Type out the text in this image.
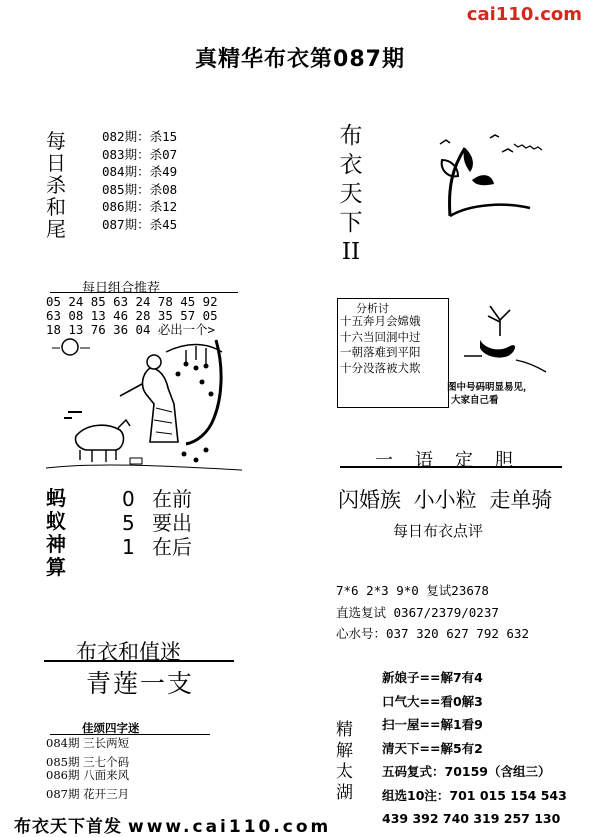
cai110.com
真精华布衣第087期
每
日
杀
和
尾
082期：杀15
083期：杀07
084期：杀49
085期：杀08
086期：杀12
087期：杀45
布
衣
天
下
II
每日组合推荐
05 24 85 63 24 78 45 92
63 08 13 46 28 35 57 05
18 13 76 36 04 必出一个>
分析讨
十五奔月会嫦娥
十六当回洞中过
一朝落难到平阳
十分没落被犬欺
图中号码明显易见，
大家自己看
一语定胆
闪婚族 小小粒 走单骑
每日布衣点评
蚂
蚁
神
算
0 在前
5 要出
1 在后
7*6 2*3 9*0 复试23678
直选复试 0367/2379/0237
心水号：037 320 627 792 632
布衣和值迷
青莲一支
佳颂四字迷
084期 三长两短
085期 三七个码
086期 八面来风
087期 花开三月
精
解
太
湖
新娘子==解7有4
口气大==看0解3
扫一屋==解1看9
清天下==解5有2
五码复式：70159（含组三）
组选10注：701 015 154 543
439 392 740 319 257 130
布衣天下首发 www.cai110.com
